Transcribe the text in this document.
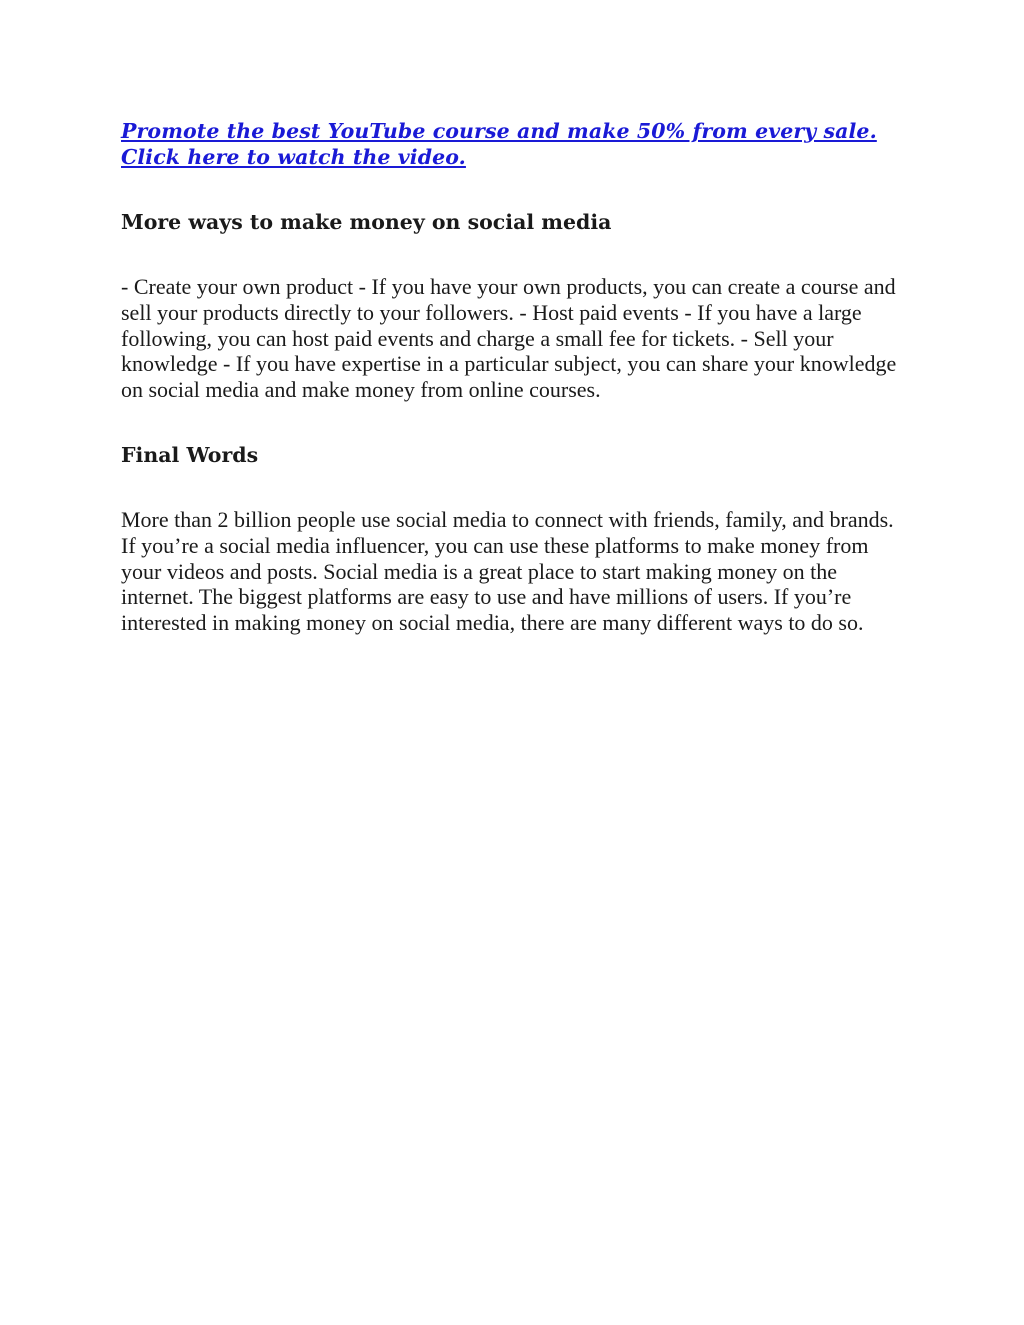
Promote the best YouTube course and make 50% from every sale. Click here to watch the video.
More ways to make money on social media

- Create your own product - If you have your own products, you can create a course and sell your products directly to your followers. - Host paid events - If you have a large following, you can host paid events and charge a small fee for tickets. - Sell your knowledge - If you have expertise in a particular subject, you can share your knowledge on social media and make money from online courses.

Final Words

More than 2 billion people use social media to connect with friends, family, and brands. If you’re a social media influencer, you can use these platforms to make money from your videos and posts. Social media is a great place to start making money on the internet. The biggest platforms are easy to use and have millions of users. If you’re interested in making money on social media, there are many different ways to do so.
